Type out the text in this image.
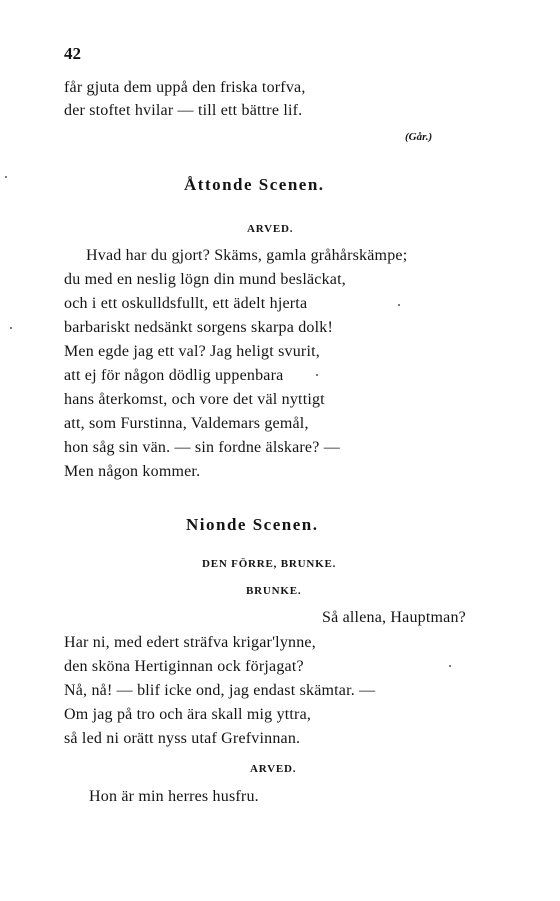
42
får gjuta dem uppå den friska torfva,
der stoftet hvilar — till ett bättre lif.
(Går.)
Åttonde Scenen.
ARVED.
Hvad har du gjort? Skäms, gamla gråhårskämpe;
du med en neslig lögn din mund besläckat,
och i ett oskulldsfullt, ett ädelt hjerta
barbariskt nedsänkt sorgens skarpa dolk!
Men egde jag ett val? Jag heligt svurit,
att ej för någon dödlig uppenbara
hans återkomst, och vore det väl nyttigt
att, som Furstinna, Valdemars gemål,
hon såg sin vän. — sin fordne älskare? —
Men någon kommer.
Nionde Scenen.
DEN FÖRRE, BRUNKE.
BRUNKE.
Så allena, Hauptman?
Har ni, med edert sträfva krigar'lynne,
den sköna Hertiginnan ock förjagat?
Nå, nå! — blif icke ond, jag endast skämtar. —
Om jag på tro och ära skall mig yttra,
så led ni orätt nyss utaf Grefvinnan.
ARVED.
Hon är min herres husfru.
